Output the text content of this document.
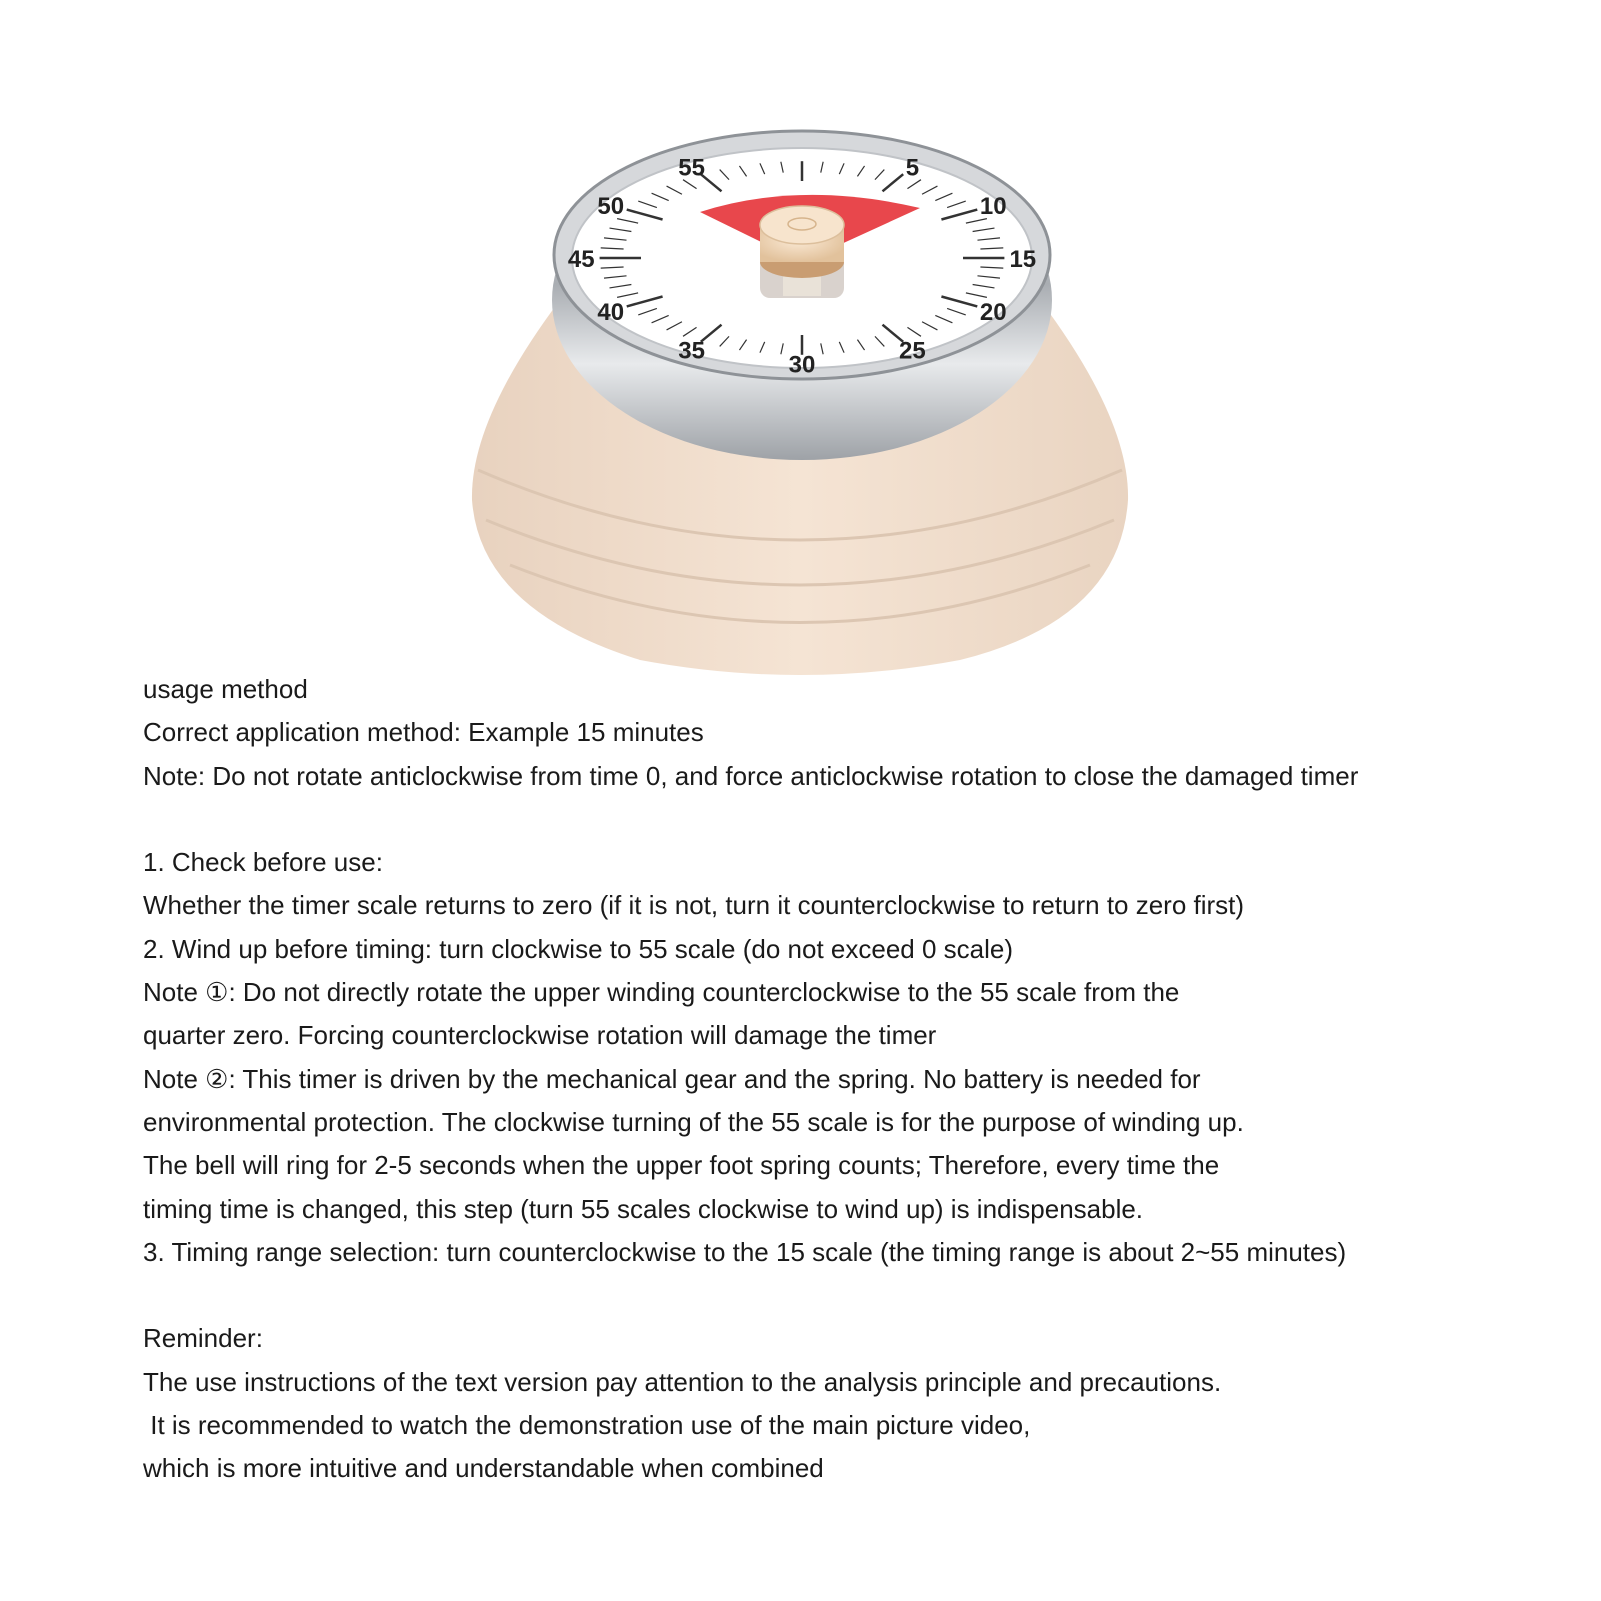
5
10
15
20
25
30
35
40
45
50
55
usage method
Correct application method: Example 15 minutes
Note: Do not rotate anticlockwise from time 0, and force anticlockwise rotation to close the damaged timer
1. Check before use:
Whether the timer scale returns to zero (if it is not, turn it counterclockwise to return to zero first)
2. Wind up before timing: turn clockwise to 55 scale (do not exceed 0 scale)
Note ①: Do not directly rotate the upper winding counterclockwise to the 55 scale from the
quarter zero. Forcing counterclockwise rotation will damage the timer
Note ②: This timer is driven by the mechanical gear and the spring. No battery is needed for
environmental protection. The clockwise turning of the 55 scale is for the purpose of winding up.
The bell will ring for 2-5 seconds when the upper foot spring counts; Therefore, every time the
timing time is changed, this step (turn 55 scales clockwise to wind up) is indispensable.
3. Timing range selection: turn counterclockwise to the 15 scale (the timing range is about 2~55 minutes)
Reminder:
The use instructions of the text version pay attention to the analysis principle and precautions.
It is recommended to watch the demonstration use of the main picture video,
which is more intuitive and understandable when combined
